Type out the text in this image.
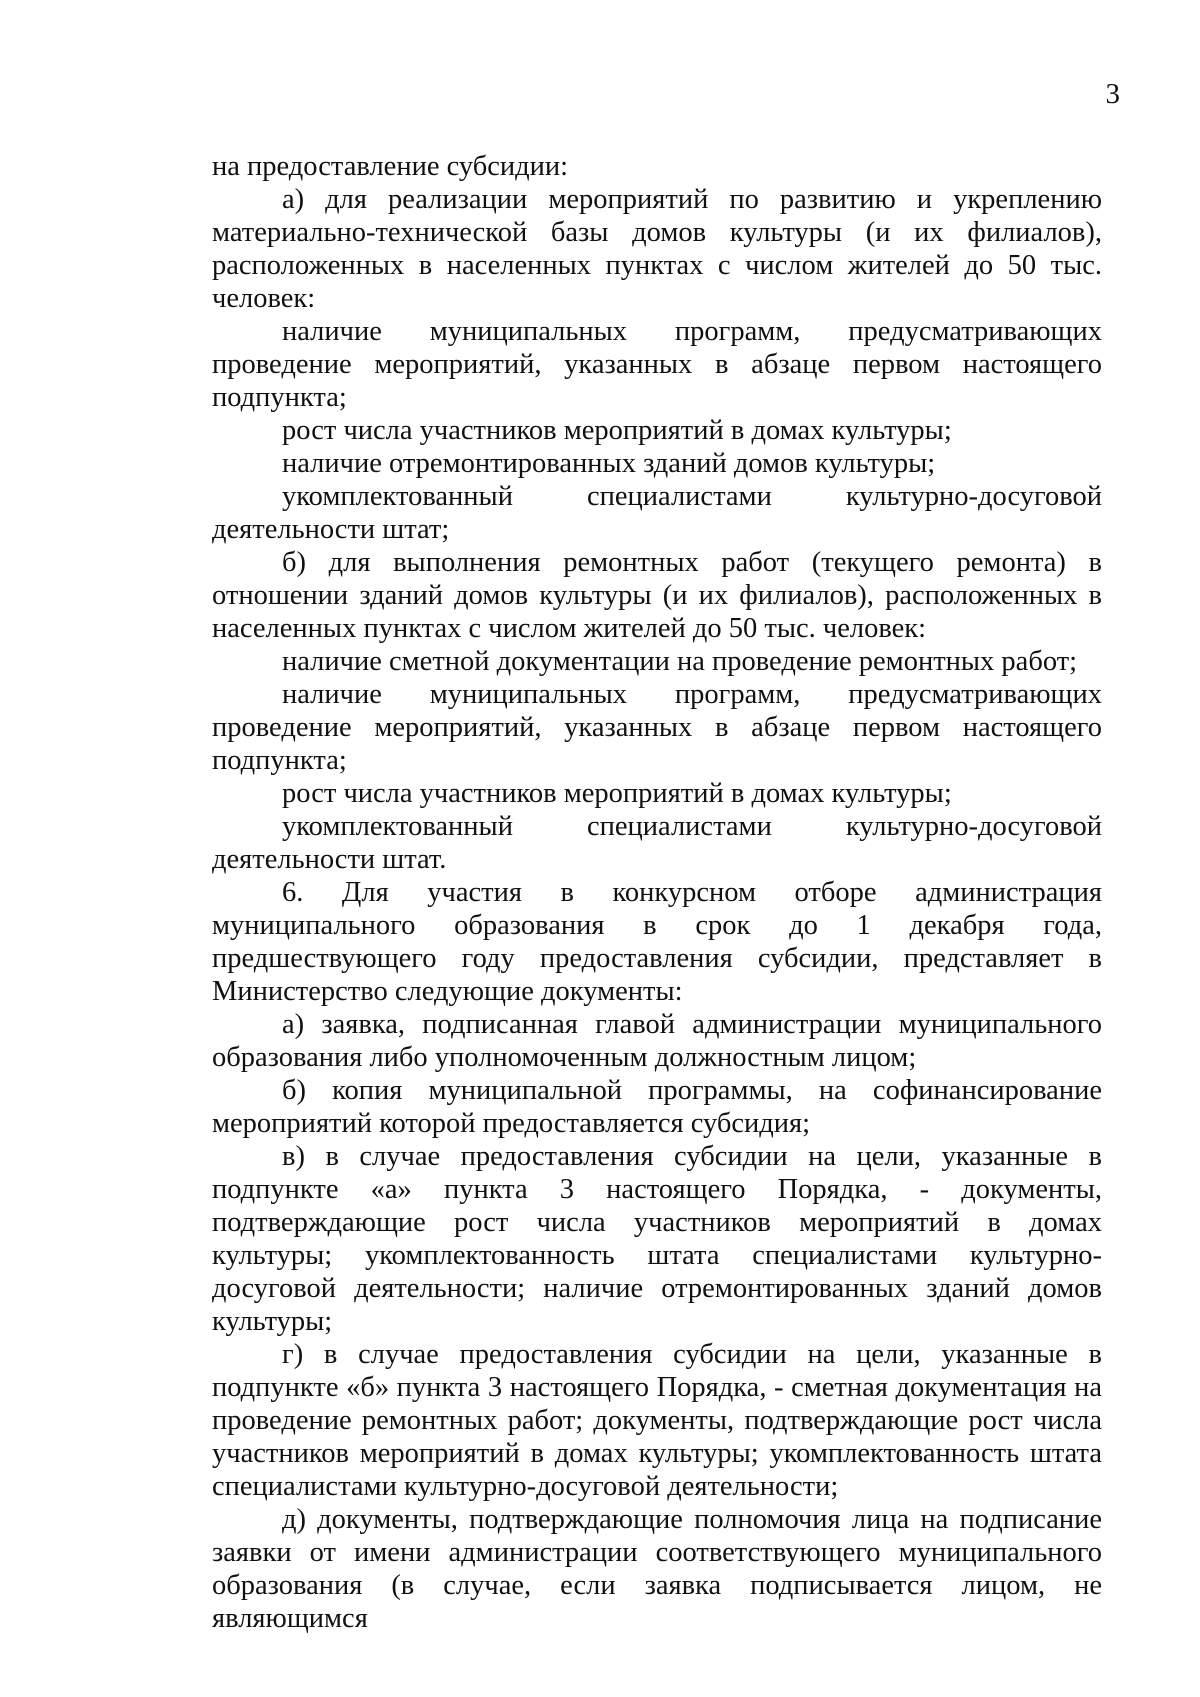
3

на предоставление субсидии:

а) для реализации мероприятий по развитию и укреплению материально-технической базы домов культуры (и их филиалов), расположенных в населенных пунктах с числом жителей до 50 тыс. человек:

наличие муниципальных программ, предусматривающих проведение мероприятий, указанных в абзаце первом настоящего подпункта;

рост числа участников мероприятий в домах культуры;

наличие отремонтированных зданий домов культуры;

укомплектованный специалистами культурно-досуговой деятельности штат;

б) для выполнения ремонтных работ (текущего ремонта) в отношении зданий домов культуры (и их филиалов), расположенных в населенных пунктах с числом жителей до 50 тыс. человек:

наличие сметной документации на проведение ремонтных работ;

наличие муниципальных программ, предусматривающих проведение мероприятий, указанных в абзаце первом настоящего подпункта;

рост числа участников мероприятий в домах культуры;

укомплектованный специалистами культурно-досуговой деятельности штат.

6. Для участия в конкурсном отборе администрация муниципального образования в срок до 1 декабря года, предшествующего году предоставления субсидии, представляет в Министерство следующие документы:

а) заявка, подписанная главой администрации муниципального образования либо уполномоченным должностным лицом;

б) копия муниципальной программы, на софинансирование мероприятий которой предоставляется субсидия;

в) в случае предоставления субсидии на цели, указанные в подпункте «а» пункта 3 настоящего Порядка, - документы, подтверждающие рост числа участников мероприятий в домах культуры; укомплектованность штата специалистами культурно-досуговой деятельности; наличие отремонтированных зданий домов культуры;

г) в случае предоставления субсидии на цели, указанные в подпункте «б» пункта 3 настоящего Порядка, - сметная документация на проведение ремонтных работ; документы, подтверждающие рост числа участников мероприятий в домах культуры; укомплектованность штата специалистами культурно-досуговой деятельности;

д) документы, подтверждающие полномочия лица на подписание заявки от имени администрации соответствующего муниципального образования (в случае, если заявка подписывается лицом, не являющимся
